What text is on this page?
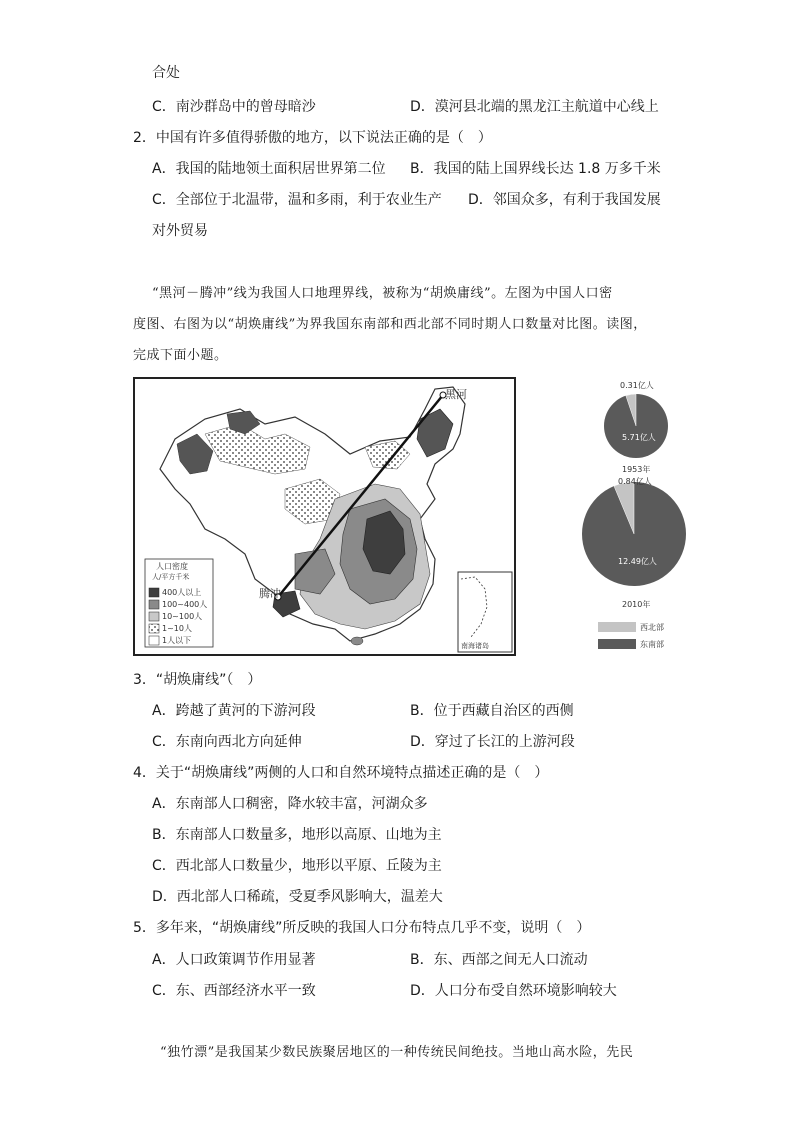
合处
C．南沙群岛中的曾母暗沙	D．漠河县北端的黑龙江主航道中心线上
2．中国有许多值得骄傲的地方，以下说法正确的是（　）
A．我国的陆地领土面积居世界第二位 B．我国的陆上国界线长达 1.8 万多千米
C．全部位于北温带，温和多雨，利于农业生产 D．邻国众多，有利于我国发展
对外贸易
“黑河－腾冲”线为我国人口地理界线，被称为“胡焕庸线”。左图为中国人口密
度图、右图为以“胡焕庸线”为界我国东南部和西北部不同时期人口数量对比图。读图，
完成下面小题。
黑河
腾冲
南海诸岛
人口密度
人/平方千米
400人以上
100~400人
10~100人
1~10人
1人以下
0.31亿人
5.71亿人
1953年
0.84亿人
12.49亿人
2010年
西北部
东南部
3．“胡焕庸线”（　）
A．跨越了黄河的下游河段	B．位于西藏自治区的西侧
C．东南向西北方向延伸	D．穿过了长江的上游河段
4．关于“胡焕庸线”两侧的人口和自然环境特点描述正确的是（　）
A．东南部人口稠密，降水较丰富，河湖众多
B．东南部人口数量多，地形以高原、山地为主
C．西北部人口数量少，地形以平原、丘陵为主
D．西北部人口稀疏，受夏季风影响大，温差大
5．多年来，“胡焕庸线”所反映的我国人口分布特点几乎不变，说明（　）
A．人口政策调节作用显著	B．东、西部之间无人口流动
C．东、西部经济水平一致	D．人口分布受自然环境影响较大
“独竹漂”是我国某少数民族聚居地区的一种传统民间绝技。当地山高水险，先民
